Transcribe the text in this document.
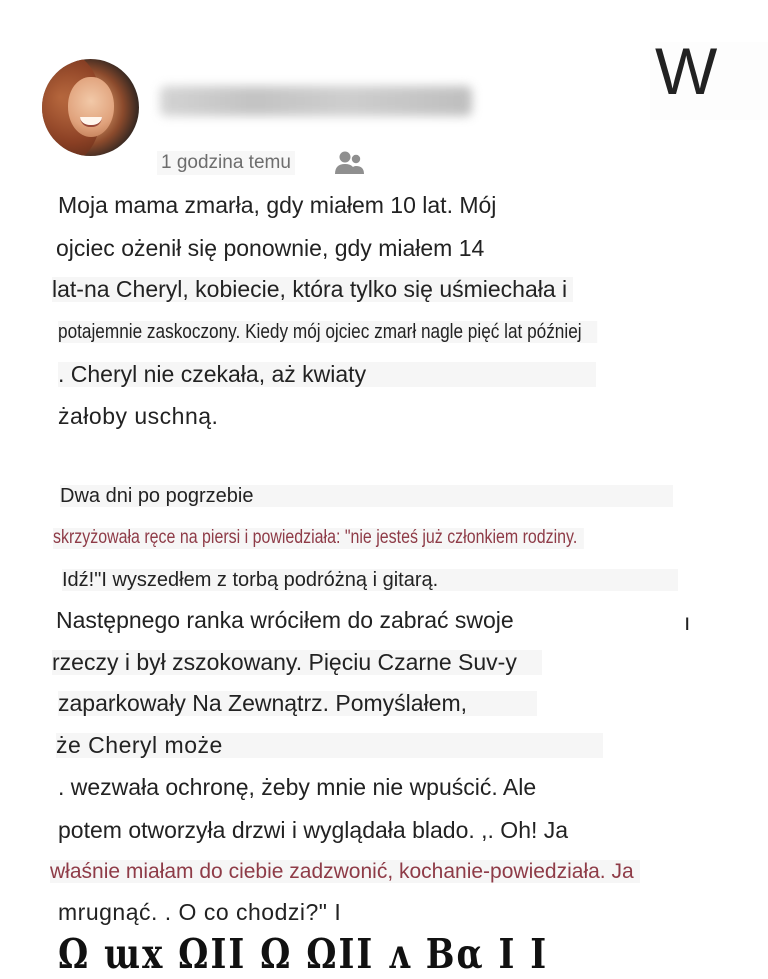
1 godzina temu
W
Moja mama zmarła, gdy miałem 10 lat. Mój
ojciec ożenił się ponownie, gdy miałem 14
lat-na Cheryl, kobiecie, która tylko się uśmiechała i
potajemnie zaskoczony. Kiedy mój ojciec zmarł nagle pięć lat później
. Cheryl nie czekała, aż kwiaty
żałoby uschną.
Dwa dni po pogrzebie
skrzyżowała ręce na piersi i powiedziała: "nie jesteś już członkiem rodziny.
Idź!"I wyszedłem z torbą podróżną i gitarą.
Następnego ranka wróciłem do zabrać swoje	ı
rzeczy i był zszokowany. Pięciu Czarne Suv-y
zaparkowały Na Zewnątrz. Pomyślałem,
że Cheryl może
. wezwała ochronę, żeby mnie nie wpuścić. Ale
potem otworzyła drzwi i wyglądała blado. ,. Oh! Ja
właśnie miałam do ciebie zadzwonić, kochanie-powiedziała. Ja
mrugnąć. . O co chodzi?" I
Ω ɯx ΩΙΙ Ω ΩΙΙ ʌ Βα Ι Ι
